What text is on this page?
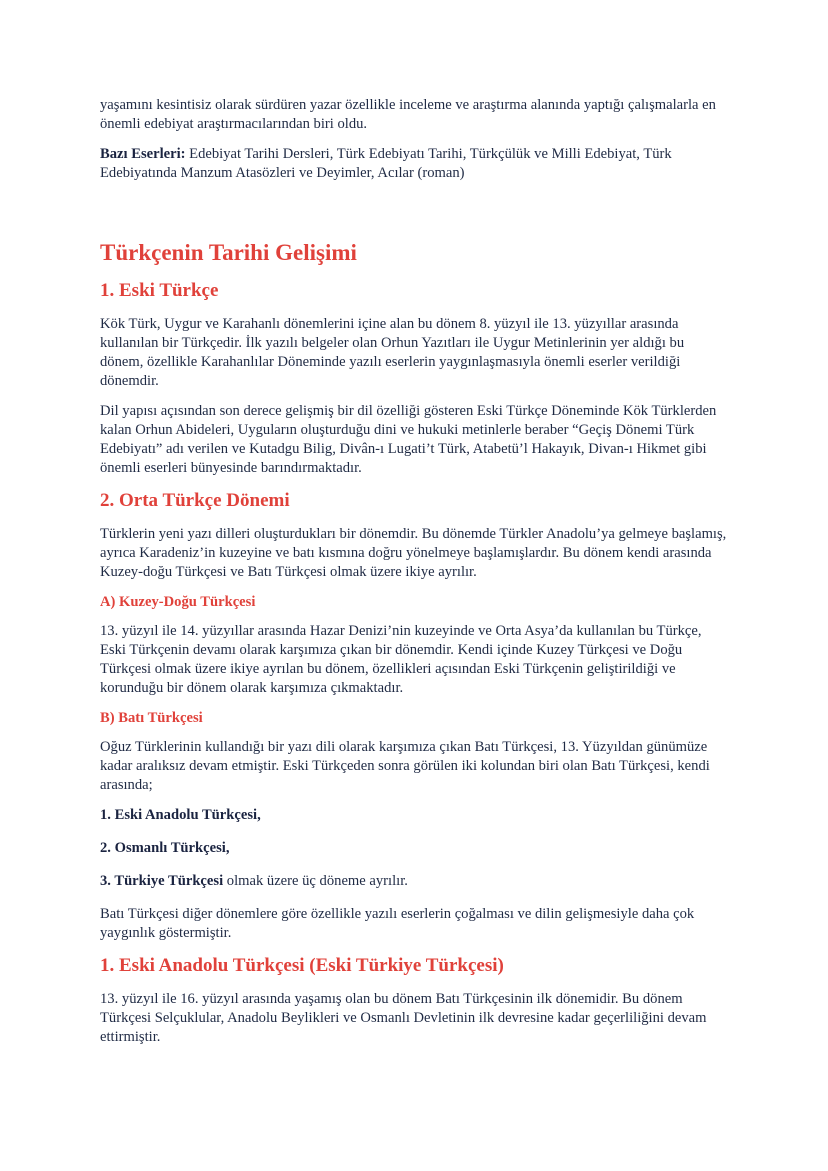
yaşamını kesintisiz olarak sürdüren yazar özellikle inceleme ve araştırma alanında yaptığı çalışmalarla en önemli edebiyat araştırmacılarından biri oldu.

Bazı Eserleri: Edebiyat Tarihi Dersleri, Türk Edebiyatı Tarihi, Türkçülük ve Milli Edebiyat, Türk Edebiyatında Manzum Atasözleri ve Deyimler, Acılar (roman)

Türkçenin Tarihi Gelişimi
1. Eski Türkçe

Kök Türk, Uygur ve Karahanlı dönemlerini içine alan bu dönem 8. yüzyıl ile 13. yüzyıllar arasında kullanılan bir Türkçedir. İlk yazılı belgeler olan Orhun Yazıtları ile Uygur Metinlerinin yer aldığı bu dönem, özellikle Karahanlılar Döneminde yazılı eserlerin yaygınlaşmasıyla önemli eserler verildiği dönemdir.

Dil yapısı açısından son derece gelişmiş bir dil özelliği gösteren Eski Türkçe Döneminde Kök Türklerden kalan Orhun Abideleri, Uyguların oluşturduğu dini ve hukuki metinlerle beraber “Geçiş Dönemi Türk Edebiyatı” adı verilen ve Kutadgu Bilig, Divân-ı Lugati’t Türk, Atabetü’l Hakayık, Divan-ı Hikmet gibi önemli eserleri bünyesinde barındırmaktadır.

2. Orta Türkçe Dönemi

Türklerin yeni yazı dilleri oluşturdukları bir dönemdir. Bu dönemde Türkler Anadolu’ya gelmeye başlamış, ayrıca Karadeniz’in kuzeyine ve batı kısmına doğru yönelmeye başlamışlardır. Bu dönem kendi arasında Kuzey-doğu Türkçesi ve Batı Türkçesi olmak üzere ikiye ayrılır.

A) Kuzey-Doğu Türkçesi

13. yüzyıl ile 14. yüzyıllar arasında Hazar Denizi’nin kuzeyinde ve Orta Asya’da kullanılan bu Türkçe, Eski Türkçenin devamı olarak karşımıza çıkan bir dönemdir. Kendi içinde Kuzey Türkçesi ve Doğu Türkçesi olmak üzere ikiye ayrılan bu dönem, özellikleri açısından Eski Türkçenin geliştirildiği ve korunduğu bir dönem olarak karşımıza çıkmaktadır.

B) Batı Türkçesi

Oğuz Türklerinin kullandığı bir yazı dili olarak karşımıza çıkan Batı Türkçesi, 13. Yüzyıldan günümüze kadar aralıksız devam etmiştir. Eski Türkçeden sonra görülen iki kolundan biri olan Batı Türkçesi, kendi arasında;

1. Eski Anadolu Türkçesi,

2. Osmanlı Türkçesi,

3. Türkiye Türkçesi olmak üzere üç döneme ayrılır.

Batı Türkçesi diğer dönemlere göre özellikle yazılı eserlerin çoğalması ve dilin gelişmesiyle daha çok yaygınlık göstermiştir.

1. Eski Anadolu Türkçesi (Eski Türkiye Türkçesi)

13. yüzyıl ile 16. yüzyıl arasında yaşamış olan bu dönem Batı Türkçesinin ilk dönemidir. Bu dönem Türkçesi Selçuklular, Anadolu Beylikleri ve Osmanlı Devletinin ilk devresine kadar geçerliliğini devam ettirmiştir.
